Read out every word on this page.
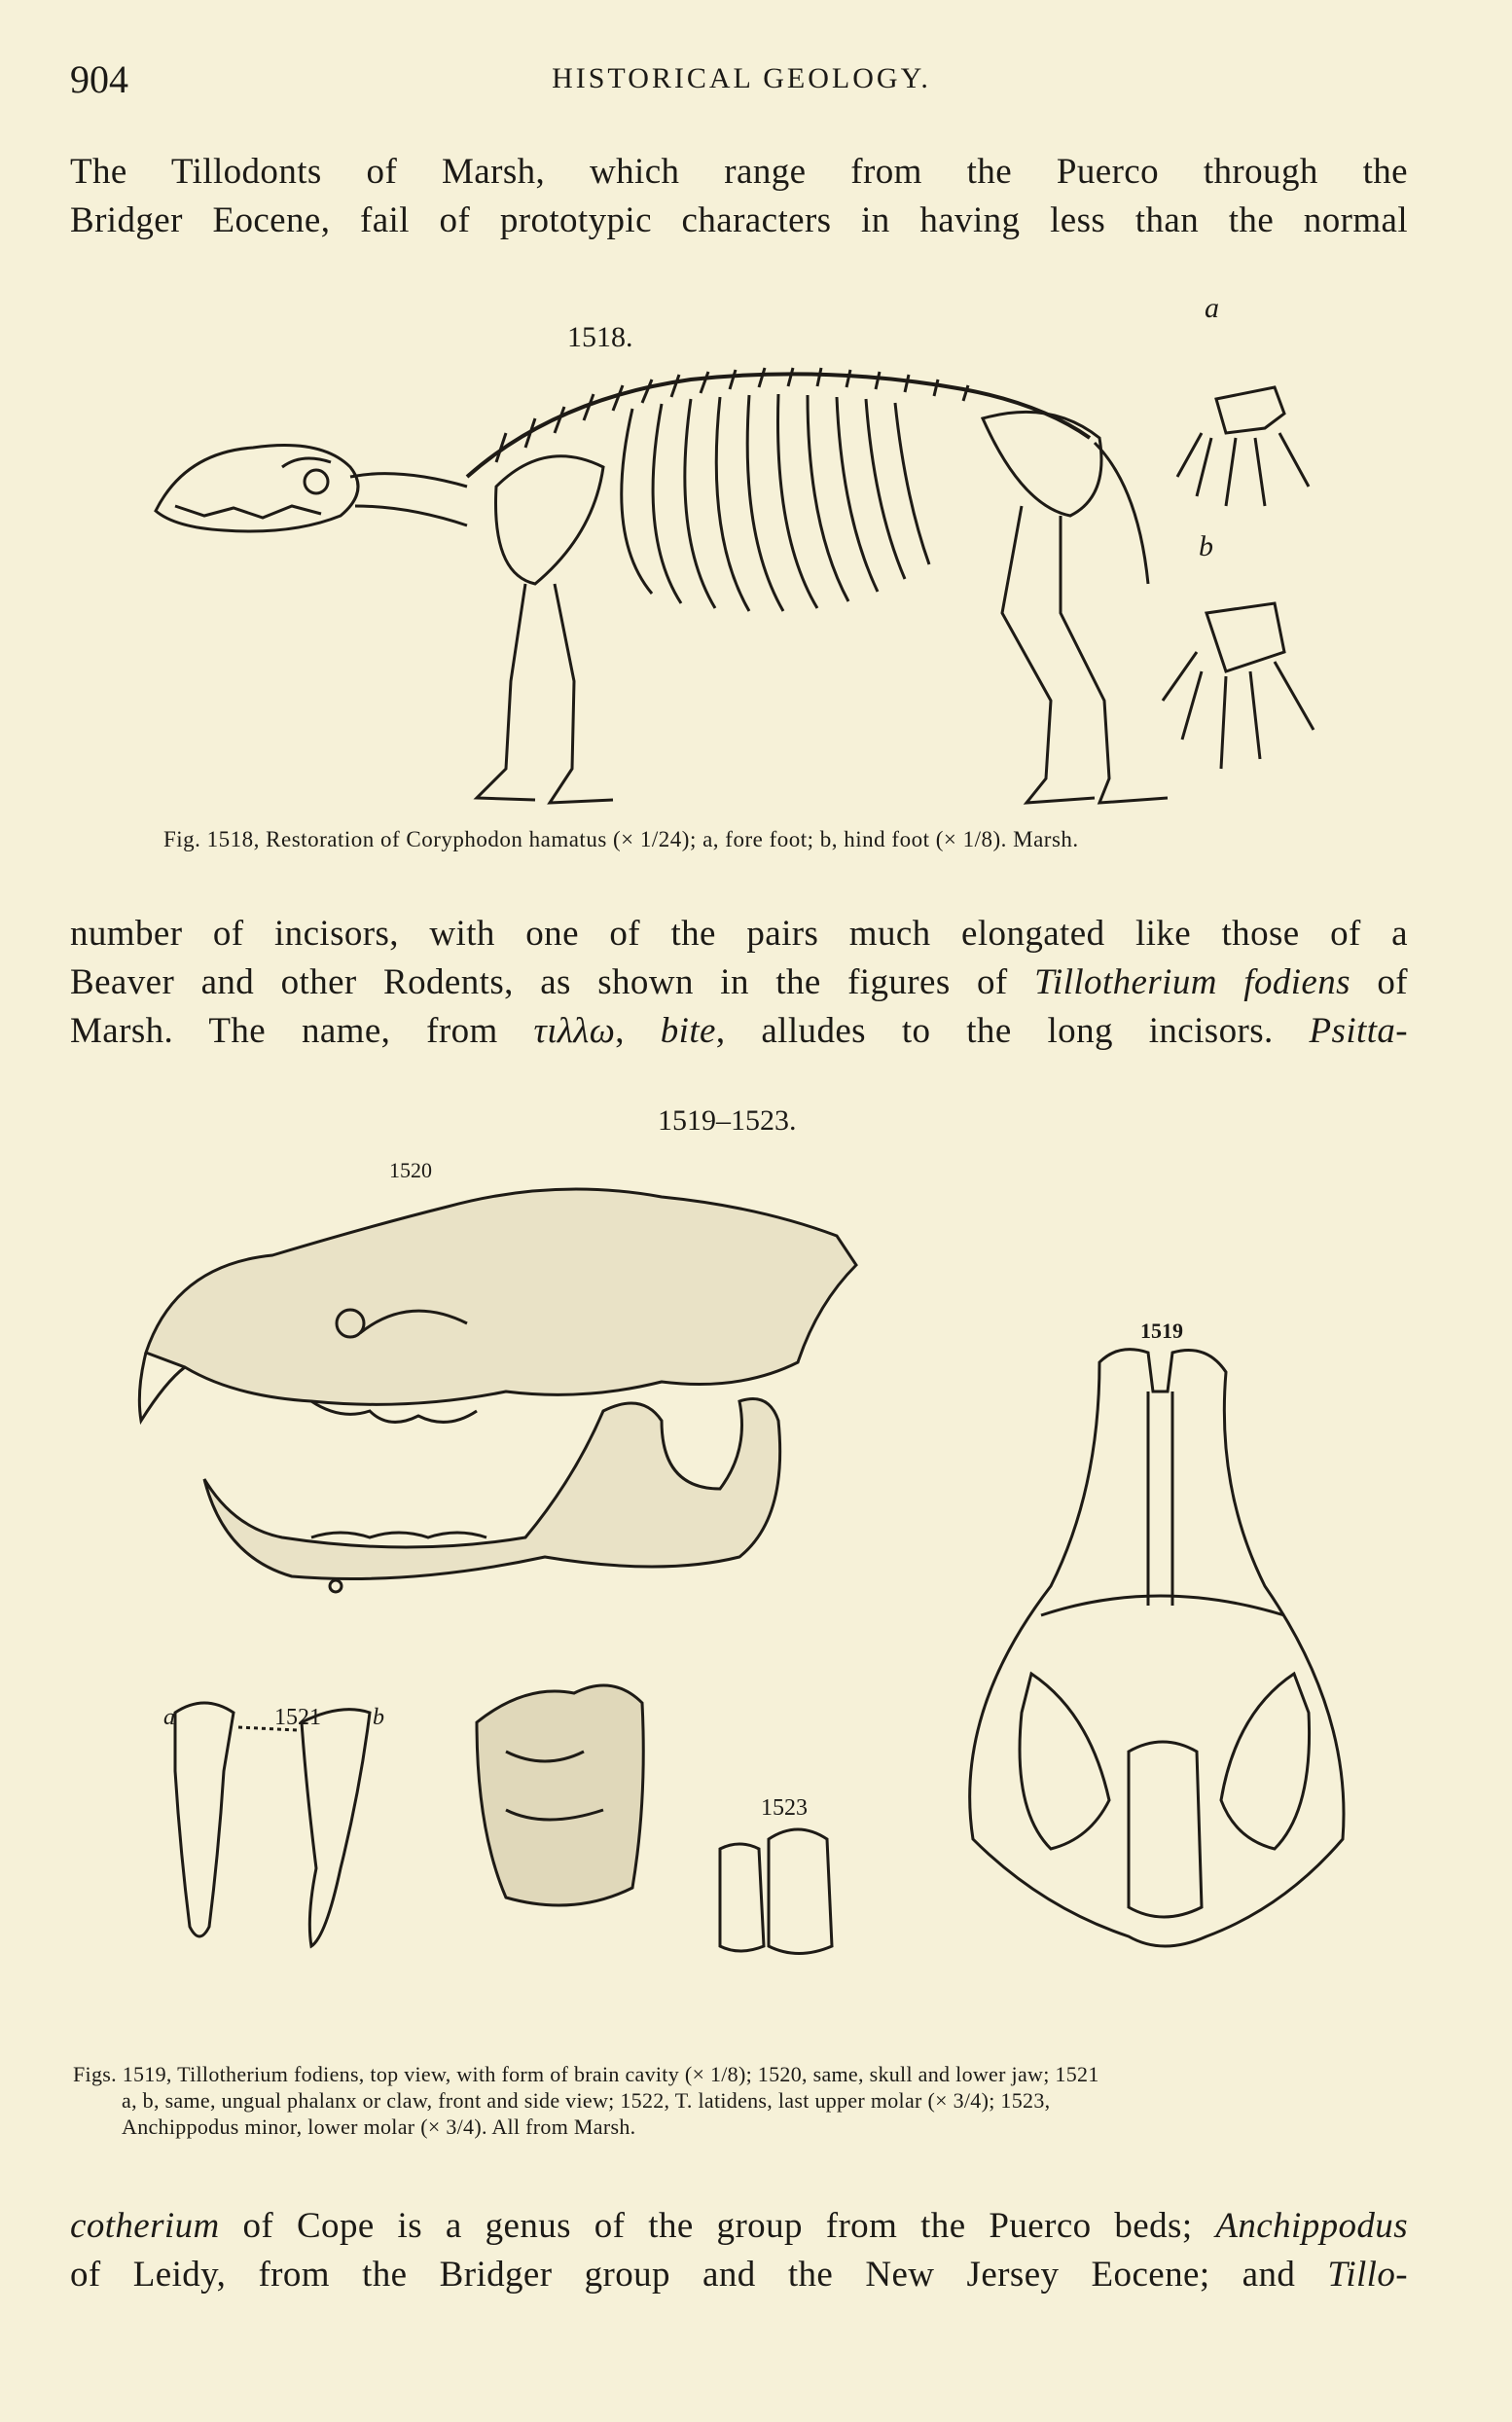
904	HISTORICAL GEOLOGY.
The Tillodonts of Marsh, which range from the Puerco through the
Bridger Eocene, fail of prototypic characters in having less than the normal
1518.
a
b
Fig. 1518, Restoration of Coryphodon hamatus (× 1/24); a, fore foot; b, hind foot (× 1/8). Marsh.
number of incisors, with one of the pairs much elongated like those of a
Beaver and other Rodents, as shown in the figures of Tillotherium fodiens of
Marsh. The name, from τιλλω, bite, alludes to the long incisors. Psitta-
1519–1523.
1520
1519
a	1521 b
1523
Figs. 1519, Tillotherium fodiens, top view, with form of brain cavity (× 1/8); 1520, same, skull and lower jaw; 1521
a, b, same, ungual phalanx or claw, front and side view; 1522, T. latidens, last upper molar (× 3/4); 1523,
Anchippodus minor, lower molar (× 3/4). All from Marsh.
cotherium of Cope is a genus of the group from the Puerco beds; Anchippodus
of Leidy, from the Bridger group and the New Jersey Eocene; and Tillo-
